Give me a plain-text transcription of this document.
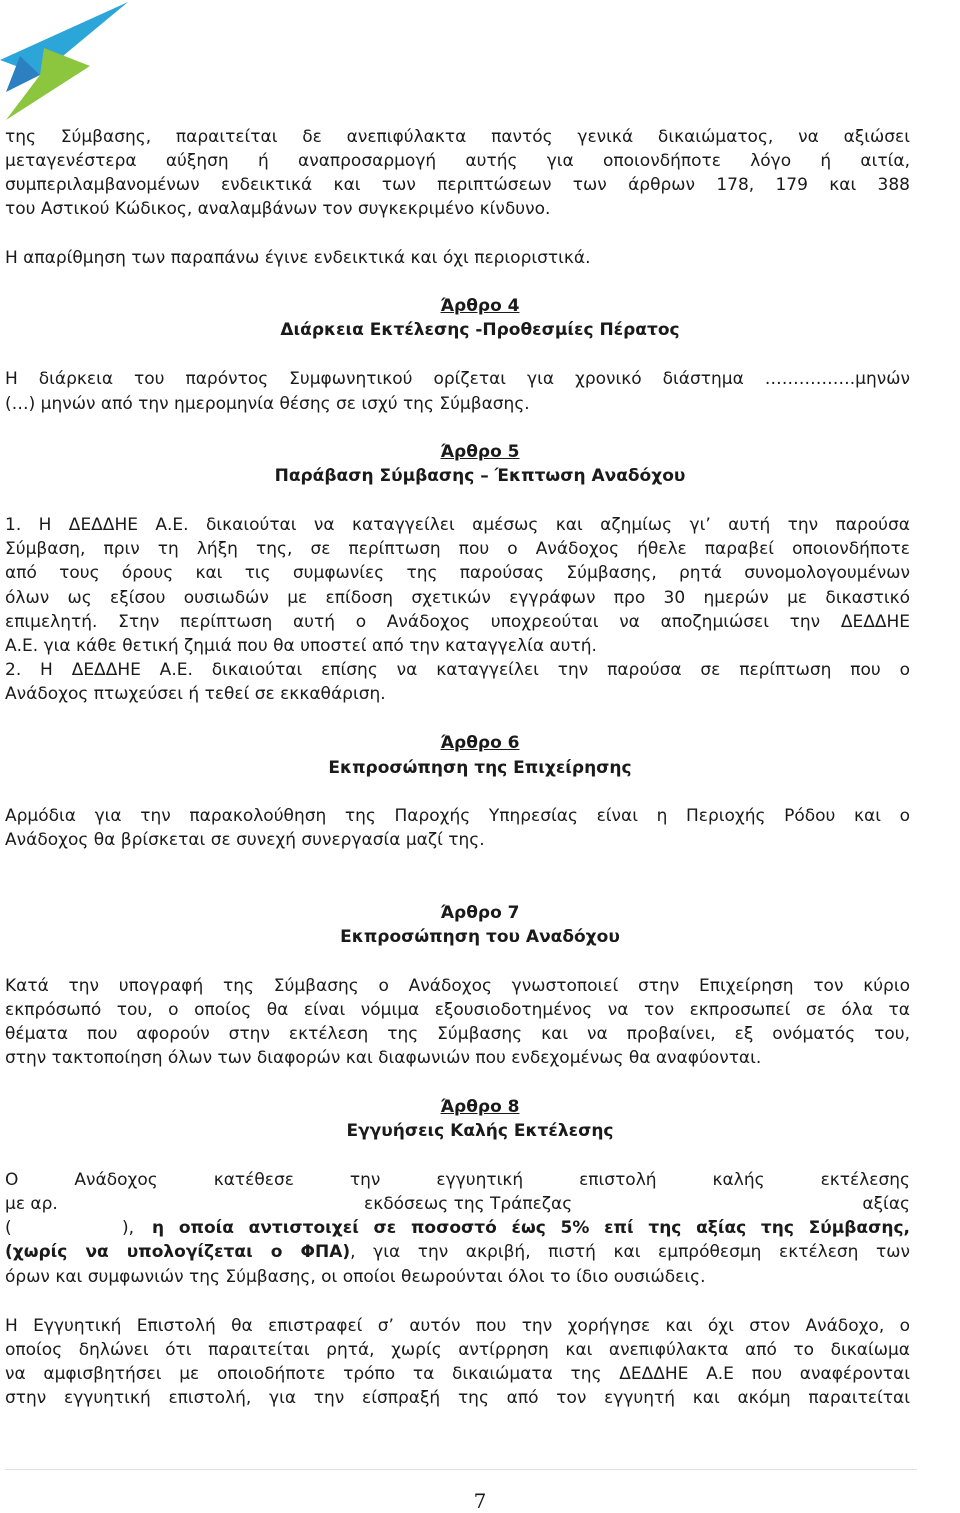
της Σύμβασης, παραιτείται δε ανεπιφύλακτα παντός γενικά δικαιώματος, να αξιώσει
μεταγενέστερα αύξηση ή αναπροσαρμογή αυτής για οποιονδήποτε λόγο ή αιτία,
συμπεριλαμβανομένων ενδεικτικά και των περιπτώσεων των άρθρων 178, 179 και 388
του Αστικού Κώδικος, αναλαμβάνων τον συγκεκριμένο κίνδυνο.
Η απαρίθμηση των παραπάνω έγινε ενδεικτικά και όχι περιοριστικά.
Άρθρο 4
Διάρκεια Εκτέλεσης -Προθεσμίες Πέρατος
Η διάρκεια του παρόντος Συμφωνητικού ορίζεται για χρονικό διάστημα …………….μηνών
(…) μηνών από την ημερομηνία θέσης σε ισχύ της Σύμβασης.
Άρθρο 5
Παράβαση Σύμβασης – Έκπτωση Αναδόχου
1. Η ΔΕΔΔΗΕ Α.Ε. δικαιούται να καταγγείλει αμέσως και αζημίως γι’ αυτή την παρούσα
Σύμβαση, πριν τη λήξη της, σε περίπτωση που ο Ανάδοχος ήθελε παραβεί οποιονδήποτε
από τους όρους και τις συμφωνίες της παρούσας Σύμβασης, ρητά συνομολογουμένων
όλων ως εξίσου ουσιωδών με επίδοση σχετικών εγγράφων προ 30 ημερών με δικαστικό
επιμελητή. Στην περίπτωση αυτή ο Ανάδοχος υποχρεούται να αποζημιώσει την ΔΕΔΔΗΕ
Α.Ε. για κάθε θετική ζημιά που θα υποστεί από την καταγγελία αυτή.
2. Η ΔΕΔΔΗΕ Α.Ε. δικαιούται επίσης να καταγγείλει την παρούσα σε περίπτωση που ο
Ανάδοχος πτωχεύσει ή τεθεί σε εκκαθάριση.
Άρθρο 6
Εκπροσώπηση της Επιχείρησης
Αρμόδια για την παρακολούθηση της Παροχής Υπηρεσίας είναι η Περιοχής Ρόδου και ο
Ανάδοχος θα βρίσκεται σε συνεχή συνεργασία μαζί της.
Άρθρο 7
Εκπροσώπηση του Αναδόχου
Κατά την υπογραφή της Σύμβασης ο Ανάδοχος γνωστοποιεί στην Επιχείρηση τον κύριο
εκπρόσωπό του, ο οποίος θα είναι νόμιμα εξουσιοδοτημένος να τον εκπροσωπεί σε όλα τα
θέματα που αφορούν στην εκτέλεση της Σύμβασης και να προβαίνει, εξ ονόματός του,
στην τακτοποίηση όλων των διαφορών και διαφωνιών που ενδεχομένως θα αναφύονται.
Άρθρο 8
Εγγυήσεις Καλής Εκτέλεσης
Ο Ανάδοχος κατέθεσε την εγγυητική επιστολή καλής εκτέλεσης
με αρ.	εκδόσεως της Τράπεζας	αξίας
(	), η οποία αντιστοιχεί σε ποσοστό έως 5% επί της αξίας της Σύμβασης,
(χωρίς να υπολογίζεται ο ΦΠΑ), για την ακριβή, πιστή και εμπρόθεσμη εκτέλεση των
όρων και συμφωνιών της Σύμβασης, οι οποίοι θεωρούνται όλοι το ίδιο ουσιώδεις.
Η Εγγυητική Επιστολή θα επιστραφεί σ’ αυτόν που την χορήγησε και όχι στον Ανάδοχο, ο
οποίος δηλώνει ότι παραιτείται ρητά, χωρίς αντίρρηση και ανεπιφύλακτα από το δικαίωμα
να αμφισβητήσει με οποιοδήποτε τρόπο τα δικαιώματα της ΔΕΔΔΗΕ Α.Ε που αναφέρονται
στην εγγυητική επιστολή, για την είσπραξή της από τον εγγυητή και ακόμη παραιτείται
7
